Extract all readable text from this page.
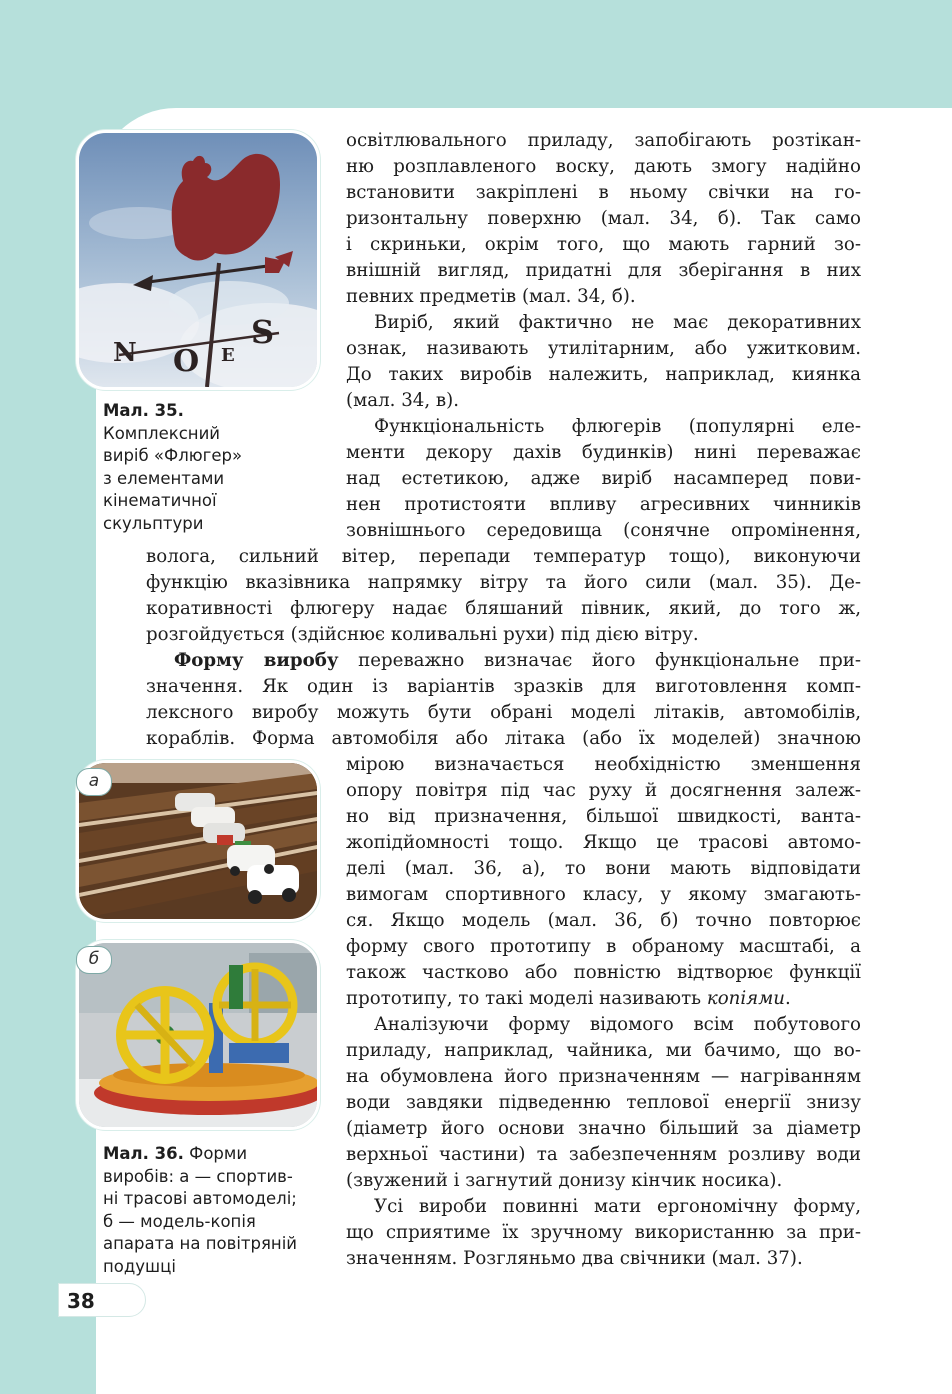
N O E
S
Мал. 35.
Комплексний
виріб «Флюгер»
з елементами
кінематичної
скульптури
а
б
Мал. 36. Форми
виробів: а — спортив-
ні трасові автомоделі;
б — модель-копія
апарата на повітряній
подушці
освітлювального приладу, запобігають розтікан-
ню розплавленого воску, дають змогу надійно
встановити закріплені в ньому свічки на го-
ризонтальну поверхню (мал. 34, б). Так само
і скриньки, окрім того, що мають гарний зо-
внішній вигляд, придатні для зберігання в них
певних предметів (мал. 34, б).
Виріб, який фактично не має декоративних
ознак, називають утилітарним, або ужитковим.
До таких виробів належить, наприклад, киянка
(мал. 34, в).
Функціональність флюгерів (популярні еле-
менти декору дахів будинків) нині переважає
над естетикою, адже виріб насамперед пови-
нен протистояти впливу агресивних чинників
зовнішнього середовища (сонячне опромінення,
волога, сильний вітер, перепади температур тощо), виконуючи
функцію вказівника напрямку вітру та його сили (мал. 35). Де-
коративності флюгеру надає бляшаний півник, який, до того ж,
розгойдується (здійснює коливальні рухи) під дією вітру.
Форму виробу переважно визначає його функціональне при-
значення. Як один із варіантів зразків для виготовлення комп-
лексного виробу можуть бути обрані моделі літаків, автомобілів,
кораблів. Форма автомобіля або літака (або їх моделей) значною
мірою визначається необхідністю зменшення
опору повітря під час руху й досягнення залеж-
но від призначення, більшої швидкості, ванта-
жопідйомності тощо. Якщо це трасові автомо-
делі (мал. 36, а), то вони мають відповідати
вимогам спортивного класу, у якому змагають-
ся. Якщо модель (мал. 36, б) точно повторює
форму свого прототипу в обраному масштабі, а
також частково або повністю відтворює функції
прототипу, то такі моделі називають копіями.
Аналізуючи форму відомого всім побутового
приладу, наприклад, чайника, ми бачимо, що во-
на обумовлена його призначенням — нагріванням
води завдяки підведенню теплової енергії знизу
(діаметр його основи значно більший за діаметр
верхньої частини) та забезпеченням розливу води
(звужений і загнутий донизу кінчик носика).
Усі вироби повинні мати ергономічну форму,
що сприятиме їх зручному використанню за при-
значенням. Розгляньмо два свічники (мал. 37).
38
